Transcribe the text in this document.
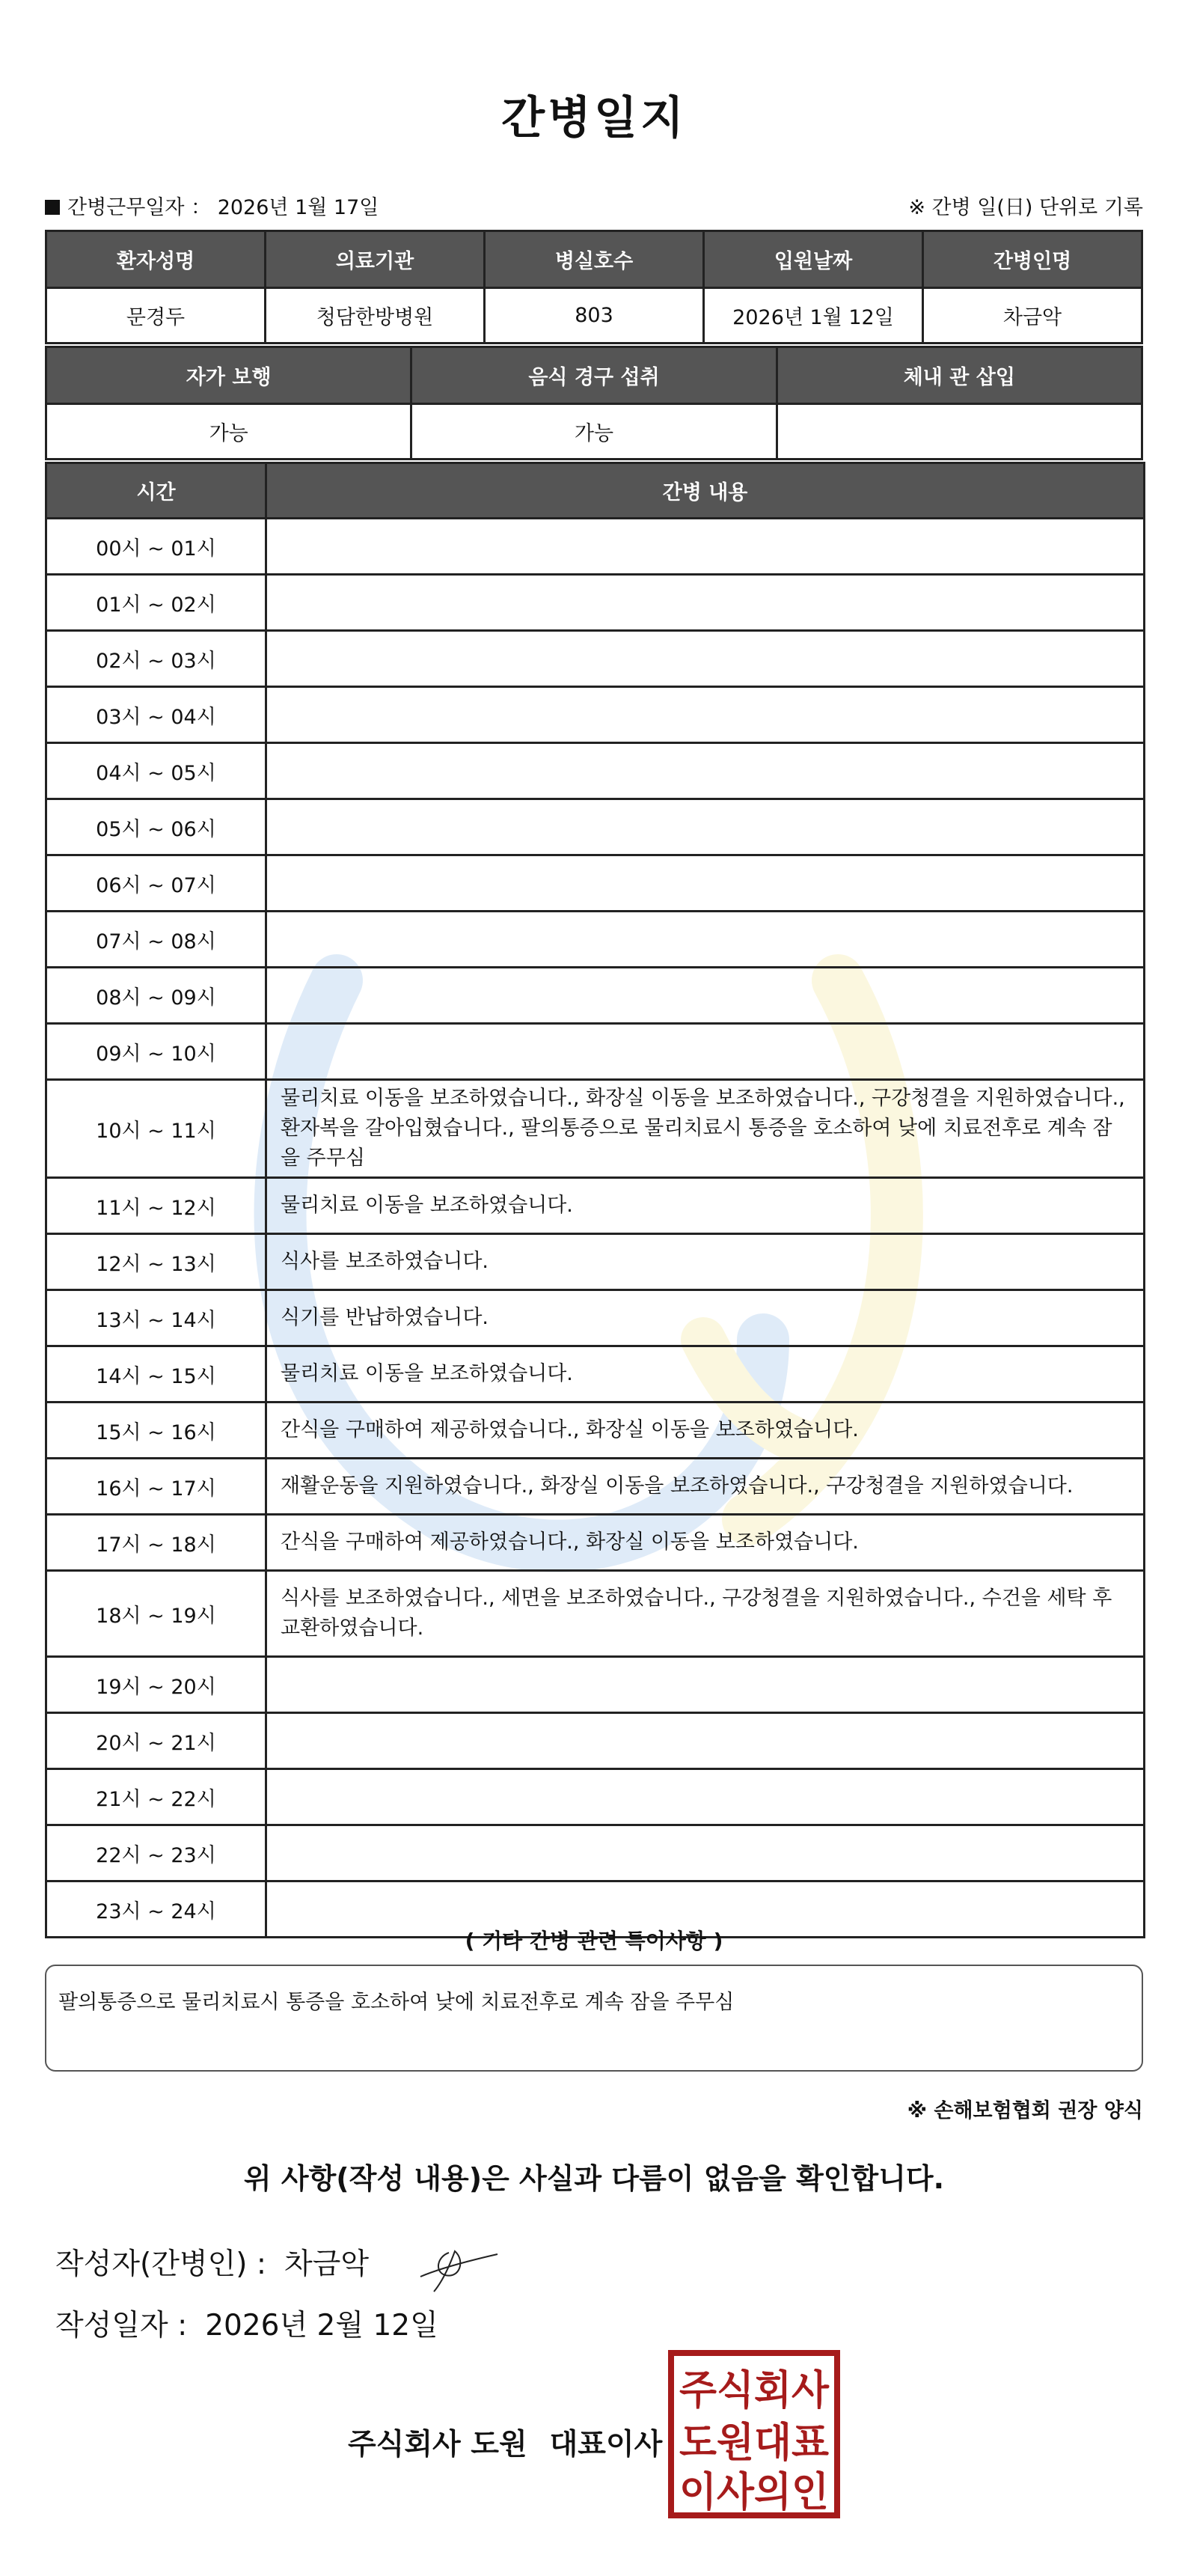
간병일지
간병근무일자 ： 2026년 1월 17일	※ 간병 일(日) 단위로 기록
환자성명	의료기관	병실호수	입원날짜	간병인명
문경두	청담한방병원	803	2026년 1월 12일	차금악
자가 보행	음식 경구 섭취	체내 관 삽입
가능	가능	
시간	간병 내용
00시 ~ 01시	
01시 ~ 02시	
02시 ~ 03시	
03시 ~ 04시	
04시 ~ 05시	
05시 ~ 06시	
06시 ~ 07시	
07시 ~ 08시	
08시 ~ 09시	
09시 ~ 10시	
10시 ~ 11시	물리치료 이동을 보조하였습니다., 화장실 이동을 보조하였습니다., 구강청결을 지원하였습니다., 환자복을 갈아입혔습니다., 팔의통증으로 물리치료시 통증을 호소하여 낮에 치료전후로 계속 잠을 주무심
11시 ~ 12시	물리치료 이동을 보조하였습니다.
12시 ~ 13시	식사를 보조하였습니다.
13시 ~ 14시	식기를 반납하였습니다.
14시 ~ 15시	물리치료 이동을 보조하였습니다.
15시 ~ 16시	간식을 구매하여 제공하였습니다., 화장실 이동을 보조하였습니다.
16시 ~ 17시	재활운동을 지원하였습니다., 화장실 이동을 보조하였습니다., 구강청결을 지원하였습니다.
17시 ~ 18시	간식을 구매하여 제공하였습니다., 화장실 이동을 보조하였습니다.
18시 ~ 19시	식사를 보조하였습니다., 세면을 보조하였습니다., 구강청결을 지원하였습니다., 수건을 세탁 후 교환하였습니다.
19시 ~ 20시	
20시 ~ 21시	
21시 ~ 22시	
22시 ~ 23시	
23시 ~ 24시	
( 기타 간병 관련 특이사항 )
팔의통증으로 물리치료시 통증을 호소하여 낮에 치료전후로 계속 잠을 주무심
※ 손해보험협회 권장 양식
위 사항(작성 내용)은 사실과 다름이 없음을 확인합니다.
작성자(간병인) : 차금악
작성일자 : 2026년 2월 12일
주식회사 도원 대표이사
주식회사
도원대표
이사의인
